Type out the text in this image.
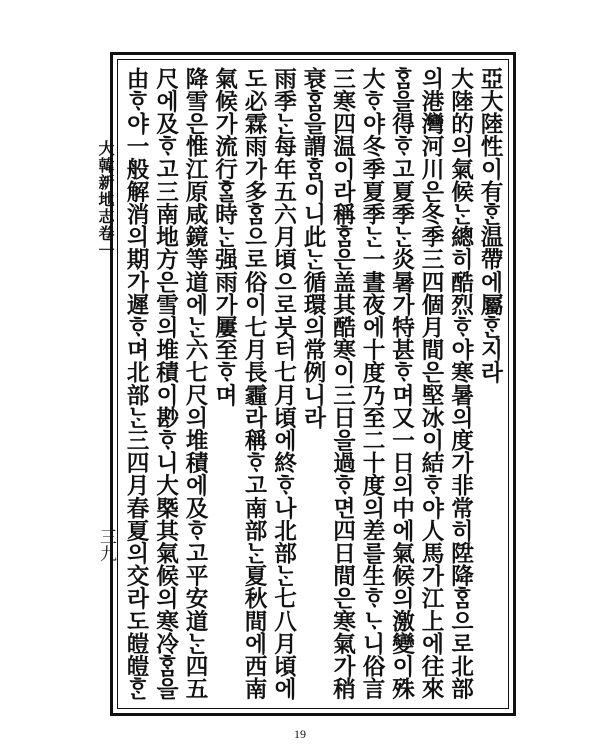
亞大陸性이有ᄒᆞᆫ温帶에屬ᄒᆞᆫ지라
大陸的의氣候ᄂᆞᆫ總히酷烈ᄒᆞ야寒暑의度가非常히陞降ᄒᆞᆷ으로北部
의港灣河川은冬季三四個月間은堅冰이結ᄒᆞ야人馬가江上에往來
ᄒᆞᆷ을得ᄒᆞ고夏季ᄂᆞᆫ炎暑가特甚ᄒᆞ며又一日의中에氣候의激變이殊
大ᄒᆞ야冬季夏季ᄂᆞᆫ一晝夜에十度乃至二十度의差를生ᄒᆞᄂᆞ니俗言
三寒四温이라稱ᄒᆞᆷ은盖其酷寒이三日을過ᄒᆞ면四日間은寒氣가稍
衰ᄒᆞᆷ을謂ᄒᆞᆷ이니此ᄂᆞᆫ循環의常例니라
雨季ᄂᆞᆫ每年五六月頃으로붓터七月頃에終ᄒᆞ나北部ᄂᆞᆫ七八月頃에
도必霖雨가多ᄒᆞᆷ으로俗이七月長霾라稱ᄒᆞ고南部ᄂᆞᆫ夏秋間에西南
氣候가流行ᄒᆞᆯ時ᄂᆞᆫ强雨가屢至ᄒᆞ며
降雪은惟江原咸鏡等道에ᄂᆞᆫ六七尺의堆積에及ᄒᆞ고平安道ᄂᆞᆫ四五
尺에及ᄒᆞ고三南地方은雪의堆積이尠ᄒᆞ니大槩其氣候의寒冷ᄒᆞᆷ을
由ᄒᆞ야一般解消의期가遲ᄒᆞ며北部ᄂᆞᆫ三四月春夏의交라도皚皚ᄒᆞᆫ
大韓新地志卷一
三九
19
